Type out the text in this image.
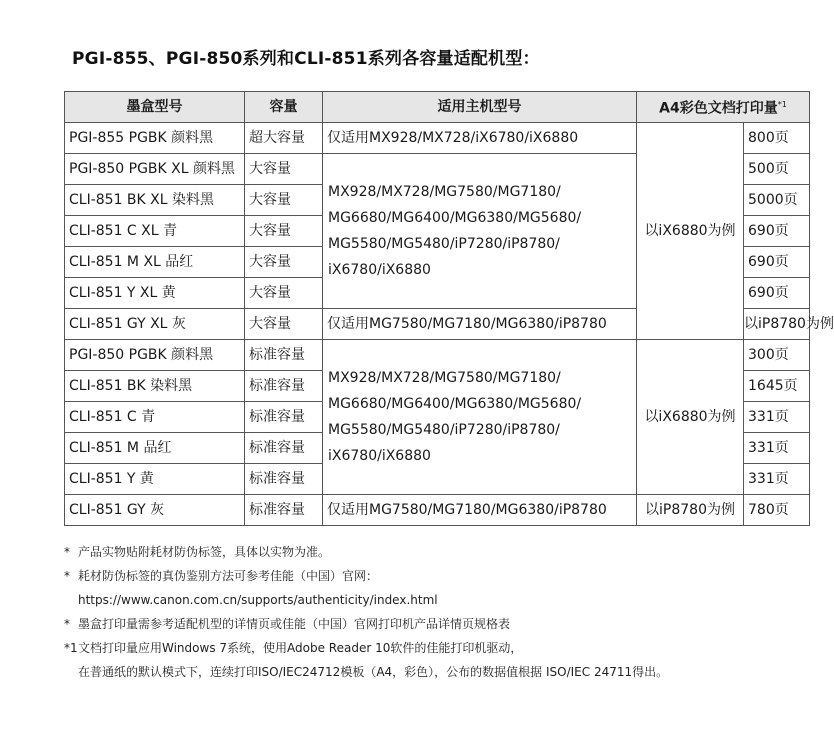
PGI-855、PGI-850系列和CLI-851系列各容量适配机型：
墨盒型号	容量	适用主机型号	A4彩色文档打印量$^{*1}$
PGI-855 PGBK 颜料黑	超大容量	仅适用MX928/MX728/iX6780/iX6880	以iX6880为例	800页	
PGI-850 PGBK XL 颜料黑	大容量	MX928/MX728/MG7580/MG7180/ MG6680/MG6400/MG6380/MG5680/ MG5580/MG5480/iP7280/iP8780/ iX6780/iX6880		500页	
CLI-851 BK XL 染料黑	大容量			5000页	
CLI-851 C XL 青	大容量			690页	
CLI-851 M XL 品红	大容量			690页	
CLI-851 Y XL 黄	大容量			690页	
CLI-851 GY XL 灰	大容量	仅适用MG7580/MG7180/MG6380/iP8780		以iP8780为例	
PGI-850 PGBK 颜料黑	标准容量	MX928/MX728/MG7580/MG7180/ MG6680/MG6400/MG6380/MG5680/ MG5580/MG5480/iP7280/iP8780/ iX6780/iX6880	以iX6880为例	300页	
CLI-851 BK 染料黑	标准容量			1645页	
CLI-851 C 青	标准容量			331页	
CLI-851 M 品红	标准容量			331页	
CLI-851 Y 黄	标准容量			331页	
CLI-851 GY 灰	标准容量	仅适用MG7580/MG7180/MG6380/iP8780	以iP8780为例	780页	
* 产品实物贴附耗材防伪标签，具体以实物为准。
* 耗材防伪标签的真伪鉴别方法可参考佳能（中国）官网：
https://www.canon.com.cn/supports/authenticity/index.html
* 墨盒打印量需参考适配机型的详情页或佳能（中国）官网打印机产品详情页规格表
*1 文档打印量应用Windows 7系统，使用Adobe Reader 10软件的佳能打印机驱动，
在普通纸的默认模式下，连续打印ISO/IEC24712模板（A4，彩色），公布的数据值根据 ISO/IEC 24711得出。
